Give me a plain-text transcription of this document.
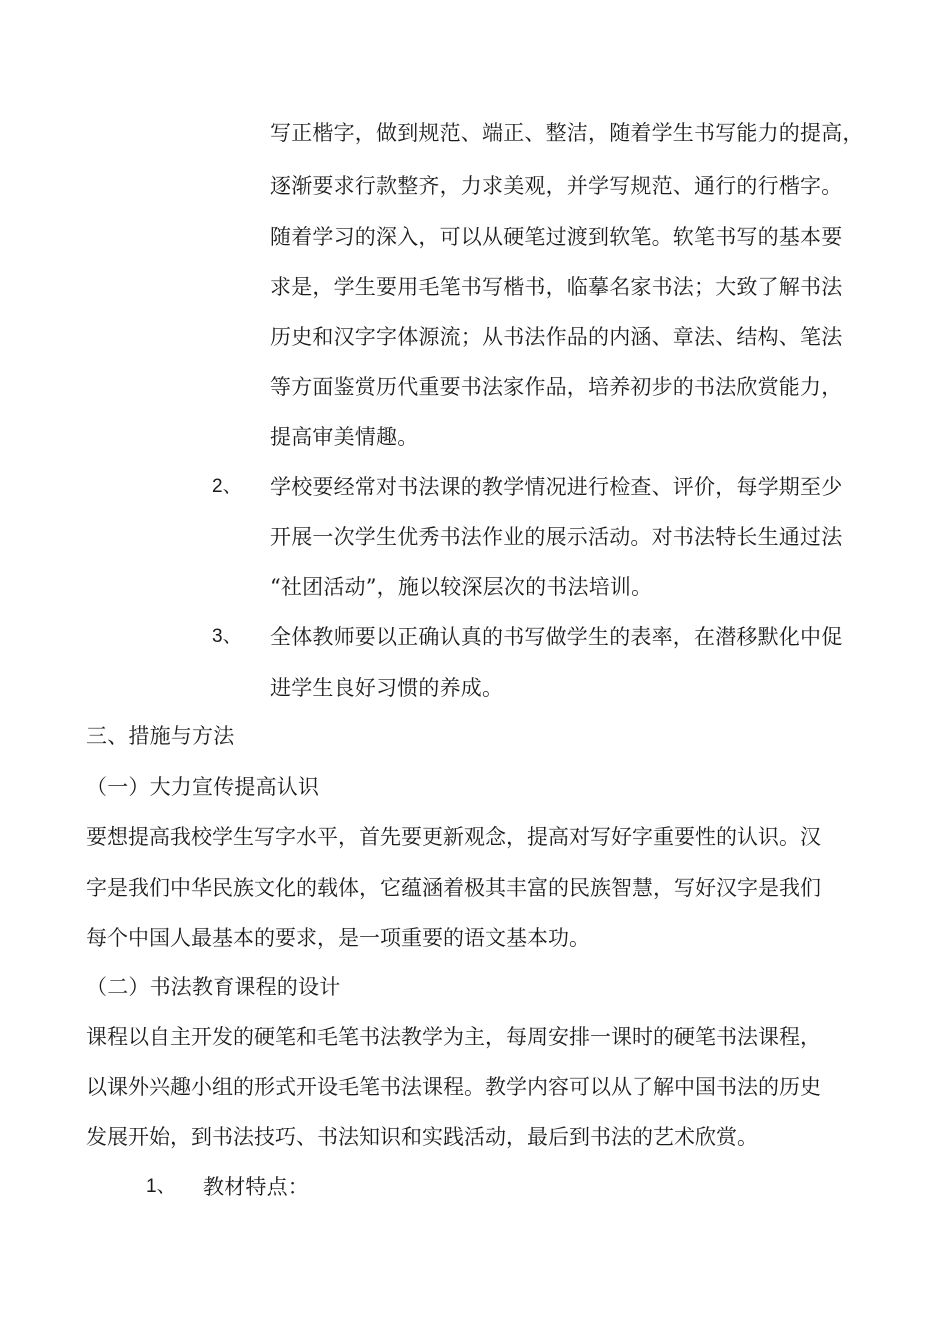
写正楷字，做到规范、端正、整洁，随着学生书写能力的提高，

逐渐要求行款整齐，力求美观，并学写规范、通行的行楷字。

随着学习的深入，可以从硬笔过渡到软笔。软笔书写的基本要

求是，学生要用毛笔书写楷书，临摹名家书法；大致了解书法

历史和汉字字体源流；从书法作品的内涵、章法、结构、笔法

等方面鉴赏历代重要书法家作品，培养初步的书法欣赏能力，

提高审美情趣。

2、 学校要经常对书法课的教学情况进行检查、评价，每学期至少

开展一次学生优秀书法作业的展示活动。对书法特长生通过法

“社团活动”，施以较深层次的书法培训。

3、 全体教师要以正确认真的书写做学生的表率，在潜移默化中促

进学生良好习惯的养成。

三、措施与方法

（一）大力宣传提高认识

要想提高我校学生写字水平，首先要更新观念，提高对写好字重要性的认识。汉

字是我们中华民族文化的载体，它蕴涵着极其丰富的民族智慧，写好汉字是我们

每个中国人最基本的要求，是一项重要的语文基本功。

（二）书法教育课程的设计

课程以自主开发的硬笔和毛笔书法教学为主，每周安排一课时的硬笔书法课程，

以课外兴趣小组的形式开设毛笔书法课程。教学内容可以从了解中国书法的历史

发展开始，到书法技巧、书法知识和实践活动，最后到书法的艺术欣赏。

1、 教材特点：
